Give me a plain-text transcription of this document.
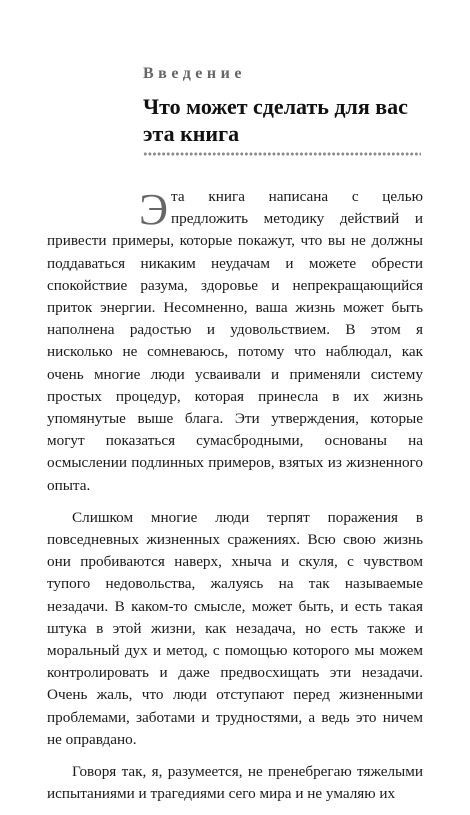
Введение
Что может сделать для вас эта книга

Эта книга написана с целью предложить методику действий и привести примеры, которые покажут, что вы не должны поддаваться никаким неудачам и можете обрести спокойствие разума, здоровье и непрекращающийся приток энергии. Несомненно, ваша жизнь может быть наполнена радостью и удовольствием. В этом я нисколько не сомневаюсь, потому что наблюдал, как очень многие люди усваивали и применяли систему простых процедур, которая принесла в их жизнь упомянутые выше блага. Эти утверждения, которые могут показаться сумасбродными, основаны на осмыслении подлинных примеров, взятых из жизненного опыта.

Слишком многие люди терпят поражения в повседневных жизненных сражениях. Всю свою жизнь они пробиваются наверх, хныча и скуля, с чувством тупого недовольства, жалуясь на так называемые незадачи. В каком-то смысле, может быть, и есть такая штука в этой жизни, как незадача, но есть также и моральный дух и метод, с помощью которого мы можем контролировать и даже предвосхищать эти незадачи. Очень жаль, что люди отступают перед жизненными проблемами, заботами и трудностями, а ведь это ничем не оправдано.

Говоря так, я, разумеется, не пренебрегаю тяжелыми испытаниями и трагедиями сего мира и не умаляю их
